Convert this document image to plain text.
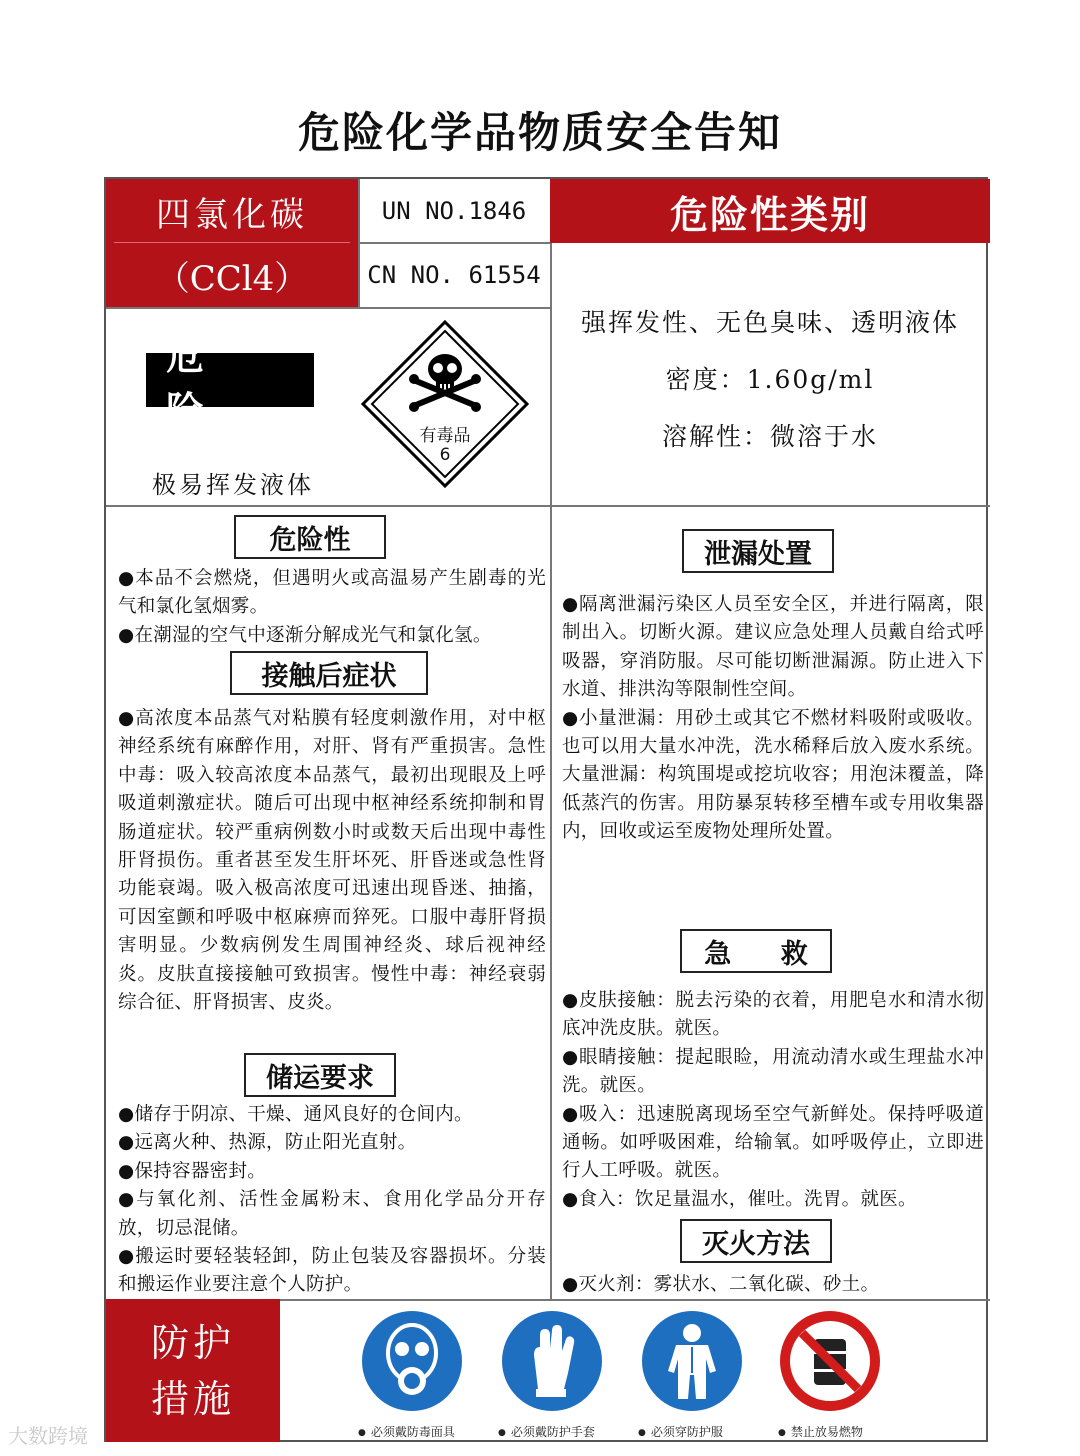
危险化学品物质安全告知
四氯化碳
（CCl4）
UN NO.1846
CN NO. 61554
危险性类别
危 险
极易挥发液体
有毒品
6
强挥发性、无色臭味、透明液体
密度：1.60g/ml
溶解性：微溶于水
危险性

●本品不会燃烧，但遇明火或高温易产生剧毒的光气和氯化氢烟雾。

●在潮湿的空气中逐渐分解成光气和氯化氢。

接触后症状
●高浓度本品蒸气对粘膜有轻度刺激作用，对中枢神经系统有麻醉作用，对肝、肾有严重损害。急性中毒：吸入较高浓度本品蒸气，最初出现眼及上呼吸道刺激症状。随后可出现中枢神经系统抑制和胃肠道症状。较严重病例数小时或数天后出现中毒性肝肾损伤。重者甚至发生肝坏死、肝昏迷或急性肾功能衰竭。吸入极高浓度可迅速出现昏迷、抽搐，可因室颤和呼吸中枢麻痹而猝死。口服中毒肝肾损害明显。少数病例发生周围神经炎、球后视神经炎。皮肤直接接触可致损害。慢性中毒：神经衰弱综合征、肝肾损害、皮炎。
储运要求

●储存于阴凉、干燥、通风良好的仓间内。

●远离火种、热源，防止阳光直射。

●保持容器密封。

●与氧化剂、活性金属粉末、食用化学品分开存放，切忌混储。

●搬运时要轻装轻卸，防止包装及容器损坏。分装和搬运作业要注意个人防护。

泄漏处置

●隔离泄漏污染区人员至安全区，并进行隔离，限制出入。切断火源。建议应急处理人员戴自给式呼吸器，穿消防服。尽可能切断泄漏源。防止进入下水道、排洪沟等限制性空间。

●小量泄漏：用砂土或其它不燃材料吸附或吸收。也可以用大量水冲洗，洗水稀释后放入废水系统。大量泄漏：构筑围堤或挖坑收容；用泡沫覆盖，降低蒸汽的伤害。用防暴泵转移至槽车或专用收集器内，回收或运至废物处理所处置。

急 救

●皮肤接触：脱去污染的衣着，用肥皂水和清水彻底冲洗皮肤。就医。

●眼睛接触：提起眼睑，用流动清水或生理盐水冲洗。就医。

●吸入：迅速脱离现场至空气新鲜处。保持呼吸道通畅。如呼吸困难，给输氧。如呼吸停止，立即进行人工呼吸。就医。

●食入：饮足量温水，催吐。洗胃。就医。

灭火方法
●灭火剂：雾状水、二氧化碳、砂土。
防护
措施
● 必须戴防毒面具	● 必须戴防护手套	● 必须穿防护服	● 禁止放易燃物
大数跨境
